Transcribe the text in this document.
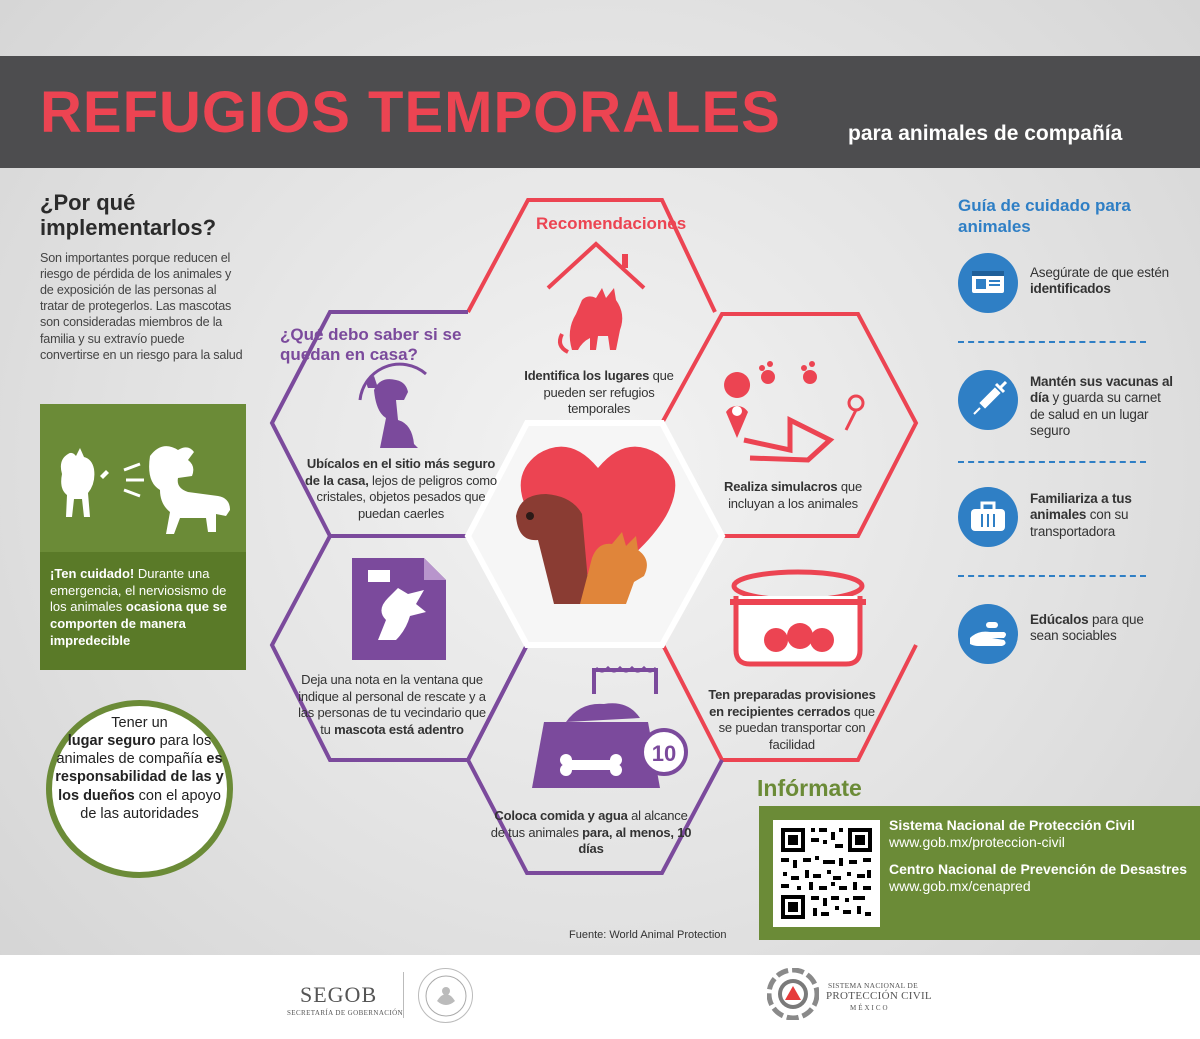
REFUGIOS TEMPORALES	para animales de compañía
¿Por qué implementarlos?
Son importantes porque reducen el riesgo de pérdida de los animales y de exposición de las personas al tratar de protegerlos. Las mascotas son consideradas miembros de la familia y su extravío puede convertirse en un riesgo para la salud
¡Ten cuidado! Durante una emergencia, el nerviosismo de los animales ocasiona que se comporten de manera impredecible
Tener un
lugar seguro para los animales de compañía es responsabilidad de las y los dueños con el apoyo de las autoridades
10
Recomendaciones
¿Qué debo saber si se quedan en casa?
Identifica los lugares que pueden ser refugios temporales
Ubícalos en el sitio más seguro de la casa, lejos de peligros como cristales, objetos pesados que puedan caerles
Realiza simulacros que incluyan a los animales
Deja una nota en la ventana que indique al personal de rescate y a las personas de tu vecindario que tu mascota está adentro
Ten preparadas provisiones en recipientes cerrados que se puedan transportar con facilidad
Coloca comida y agua al alcance de tus animales para, al menos, 10 días
Guía de cuidado para animales
Asegúrate de que estén identificados
Mantén sus vacunas al día y guarda su carnet de salud en un lugar seguro
Familiariza a tus animales con su transportadora
Edúcalos para que sean sociables
Infórmate
Sistema Nacional de Protección Civil
www.gob.mx/proteccion-civil
Centro Nacional de Prevención de Desastres
www.gob.mx/cenapred
Fuente: World Animal Protection
SEGOB
SECRETARÍA DE GOBERNACIÓN
SISTEMA NACIONAL DE
PROTECCIÓN CIVIL
MÉXICO
